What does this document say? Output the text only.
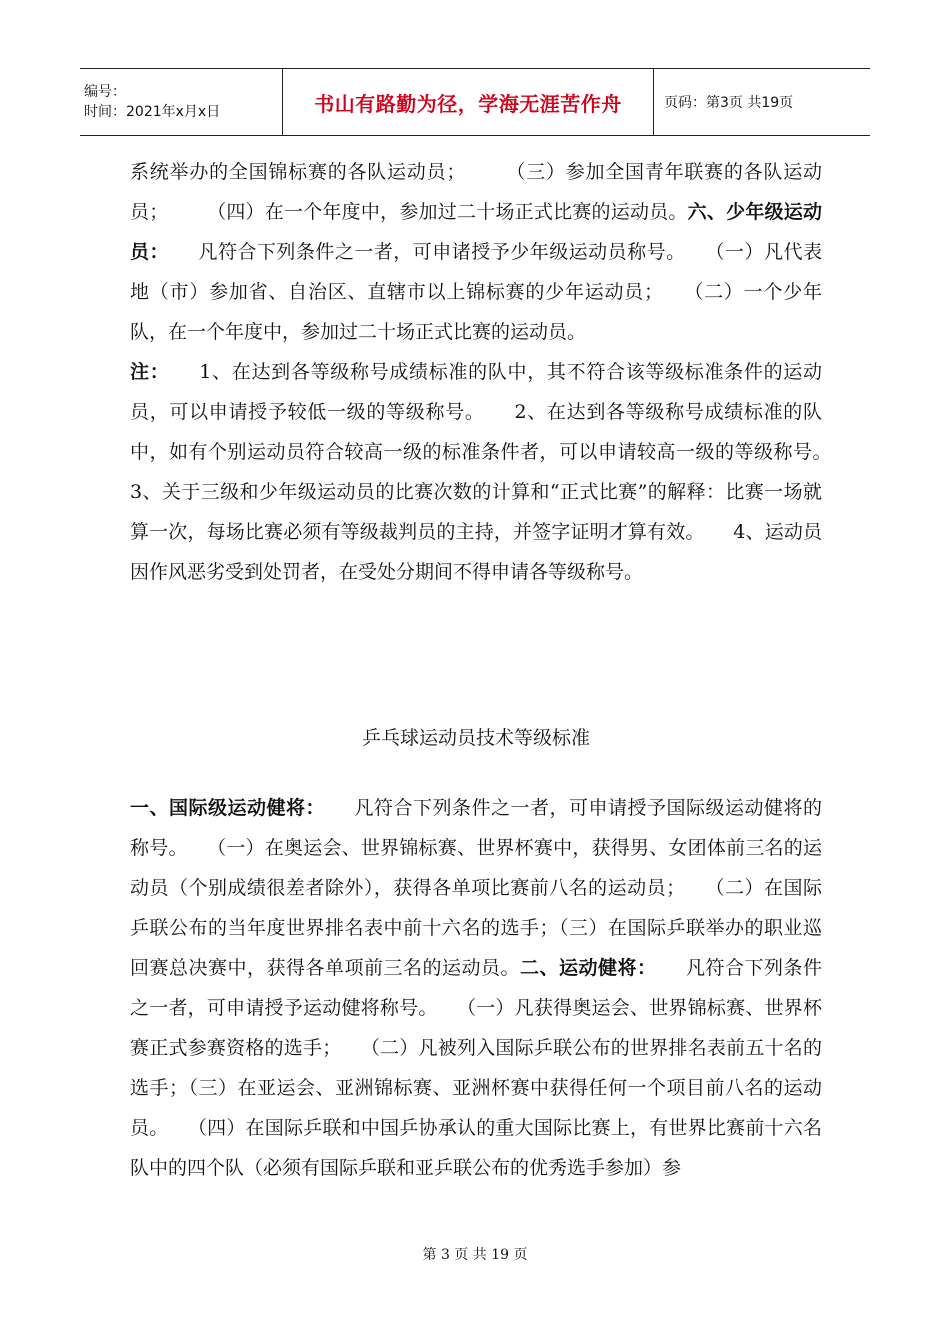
编号：
时间：2021年x月x日	书山有路勤为径，学海无涯苦作舟	页码：第3页 共19页

系统举办的全国锦标赛的各队运动员；　　　（三）参加全国青年联赛的各队运动员；　　　（四）在一个年度中，参加过二十场正式比赛的运动员。六、少年级运动员：　　凡符合下列条件之一者，可申诸授予少年级运动员称号。　　（一）凡代表地（市）参加省、自治区、直辖市以上锦标赛的少年运动员；　　（二）一个少年队，在一个年度中，参加过二十场正式比赛的运动员。

注：　　1、在达到各等级称号成绩标准的队中，其不符合该等级标准条件的运动员，可以申请授予较低一级的等级称号。　　2、在达到各等级称号成绩标准的队中，如有个别运动员符合较高一级的标准条件者，可以申请较高一级的等级称号。　　3、关于三级和少年级运动员的比赛次数的计算和“正式比赛”的解释：比赛一场就算一次，每场比赛必须有等级裁判员的主持，并签字证明才算有效。　　4、运动员因作风恶劣受到处罚者，在受处分期间不得申请各等级称号。

乒乓球运动员技术等级标准

一、国际级运动健将：　　凡符合下列条件之一者，可申请授予国际级运动健将的称号。　　（一）在奥运会、世界锦标赛、世界杯赛中，获得男、女团体前三名的运动员（个别成绩很差者除外），获得各单项比赛前八名的运动员；　　（二）在国际乒联公布的当年度世界排名表中前十六名的选手；（三）在国际乒联举办的职业巡回赛总决赛中，获得各单项前三名的运动员。二、运动健将：　　凡符合下列条件之一者，可申请授予运动健将称号。　　（一）凡获得奥运会、世界锦标赛、世界杯赛正式参赛资格的选手；　　（二）凡被列入国际乒联公布的世界排名表前五十名的选手；（三）在亚运会、亚洲锦标赛、亚洲杯赛中获得任何一个项目前八名的运动员。　　（四）在国际乒联和中国乒协承认的重大国际比赛上，有世界比赛前十六名队中的四个队（必须有国际乒联和亚乒联公布的优秀选手参加）参

第 3 页 共 19 页
